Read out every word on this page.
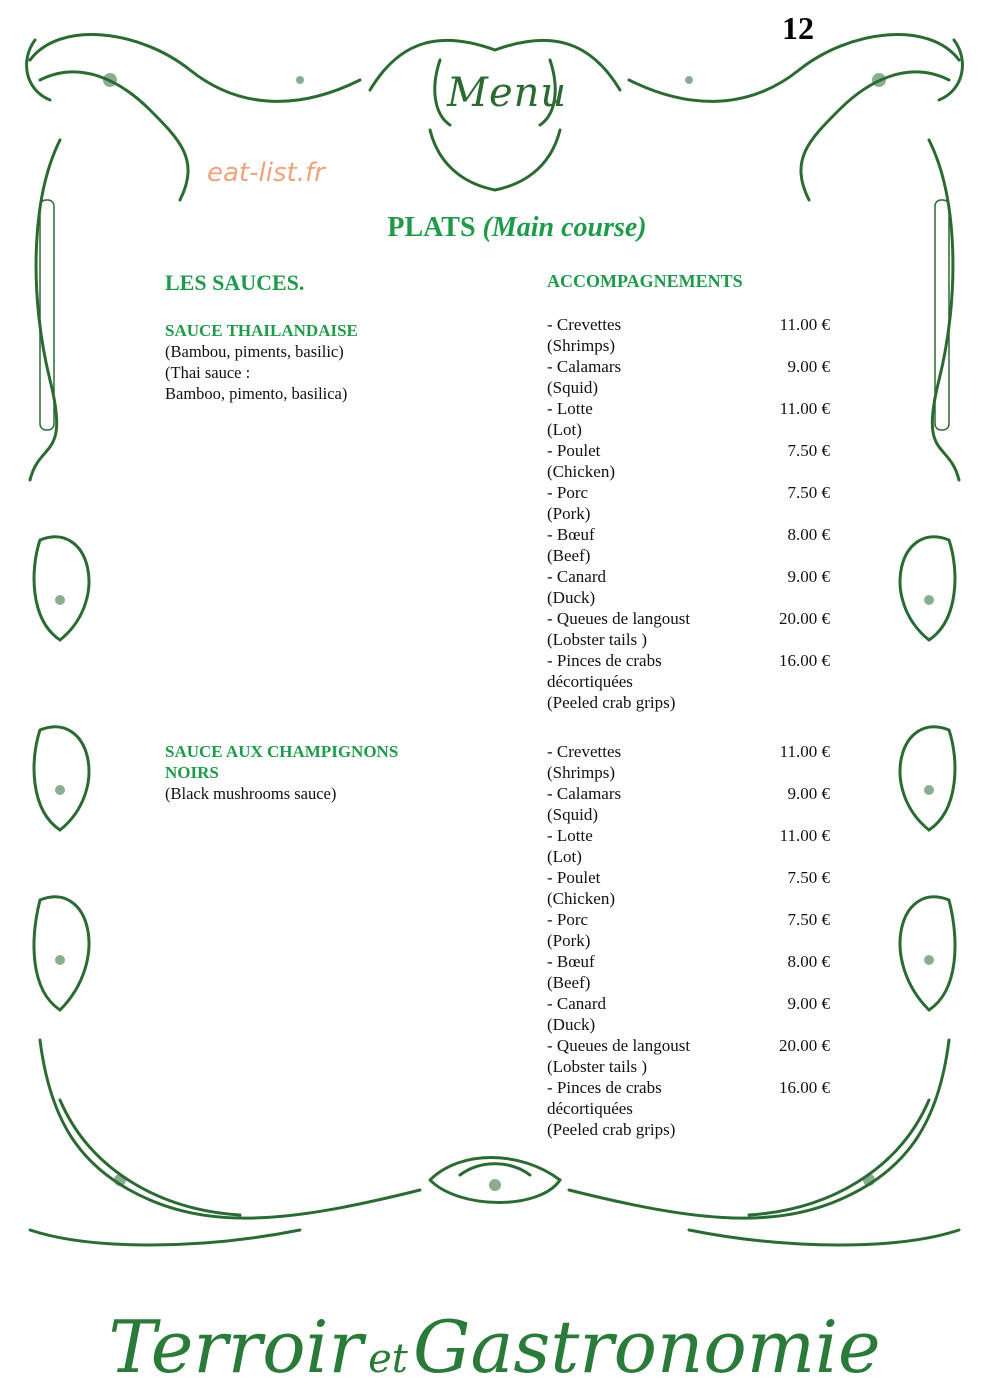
12
Menu
eat-list.fr
PLATS (Main course)
LES SAUCES.	ACCOMPAGNEMENTS
SAUCE THAILANDAISE
(Bambou, piments, basilic)
(Thai sauce :
Bamboo, pimento, basilica)
SAUCE AUX CHAMPIGNONS
NOIRS
(Black mushrooms sauce)
- Crevettes
(Shrimps)
11.00 €
- Calamars
(Squid)
9.00 €
- Lotte
(Lot)
11.00 €
- Poulet
(Chicken)
7.50 €
- Porc
(Pork)
7.50 €
- Bœuf
(Beef)
8.00 €
- Canard
(Duck)
9.00 €
- Queues de langoust
(Lobster tails )
20.00 €
- Pinces de crabs
décortiquées
(Peeled crab grips)
16.00 €
- Crevettes
(Shrimps)
11.00 €
- Calamars
(Squid)
9.00 €
- Lotte
(Lot)
11.00 €
- Poulet
(Chicken)
7.50 €
- Porc
(Pork)
7.50 €
- Bœuf
(Beef)
8.00 €
- Canard
(Duck)
9.00 €
- Queues de langoust
(Lobster tails )
20.00 €
- Pinces de crabs
décortiquées
(Peeled crab grips)
16.00 €
Terroir et Gastronomie
